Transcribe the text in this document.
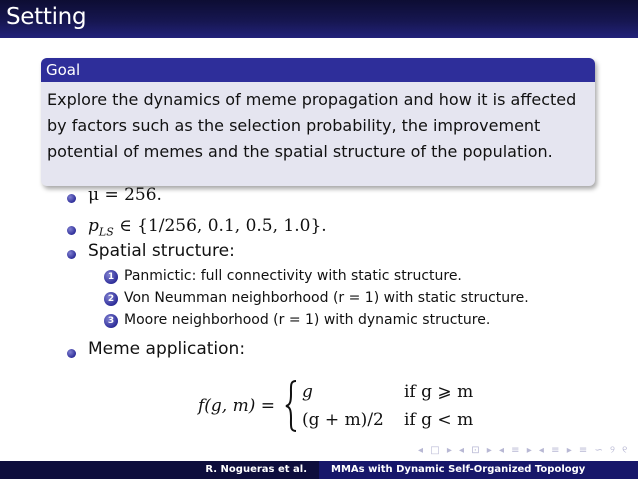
Setting
Goal
Explore the dynamics of meme propagation and how it is affected by factors such as the selection probability, the improvement potential of memes and the spatial structure of the population.
μ = 256.
$p_{LS}$ ∈ {1/256, 0.1, 0.5, 1.0}.
Spatial structure:
1 Panmictic: full connectivity with static structure.
2 Von Neumman neighborhood (r = 1) with static structure.
3 Moore neighborhood (r = 1) with dynamic structure.
Meme application:
f(g, m) =
g	if g ⩾ m
(g + m)/2 if g < m
◂ □ ▸ ◂ ⊡ ▸ ◂ ≡ ▸ ◂ ≡ ▸ ≡ ∽ ୨ ୧
R. Nogueras et al.	MMAs with Dynamic Self-Organized Topology
